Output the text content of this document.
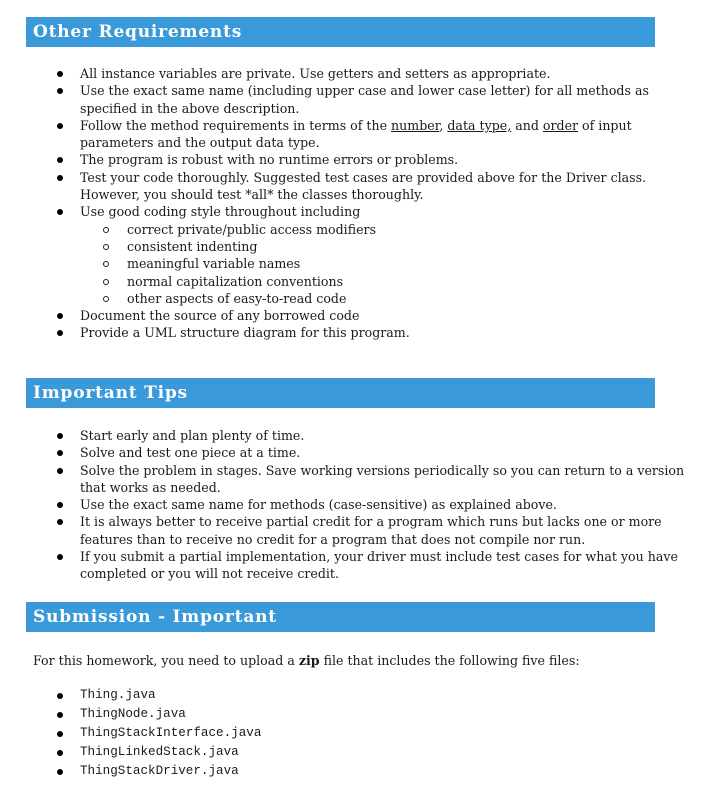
Other Requirements
All instance variables are private. Use getters and setters as appropriate.
Use the exact same name (including upper case and lower case letter) for all methods as specified in the above description.
Follow the method requirements in terms of the number, data type, and order of input parameters and the output data type.
The program is robust with no runtime errors or problems.
Test your code thoroughly. Suggested test cases are provided above for the Driver class. However, you should test *all* the classes thoroughly.
Use good coding style throughout including
correct private/public access modifiers
consistent indenting
meaningful variable names
normal capitalization conventions
other aspects of easy-to-read code
Document the source of any borrowed code
Provide a UML structure diagram for this program.
Important Tips
Start early and plan plenty of time.
Solve and test one piece at a time.
Solve the problem in stages. Save working versions periodically so you can return to a version that works as needed.
Use the exact same name for methods (case-sensitive) as explained above.
It is always better to receive partial credit for a program which runs but lacks one or more features than to receive no credit for a program that does not compile nor run.
If you submit a partial implementation, your driver must include test cases for what you have completed or you will not receive credit.
Submission - Important
For this homework, you need to upload a zip file that includes the following five files:
Thing.java
ThingNode.java
ThingStackInterface.java
ThingLinkedStack.java
ThingStackDriver.java
